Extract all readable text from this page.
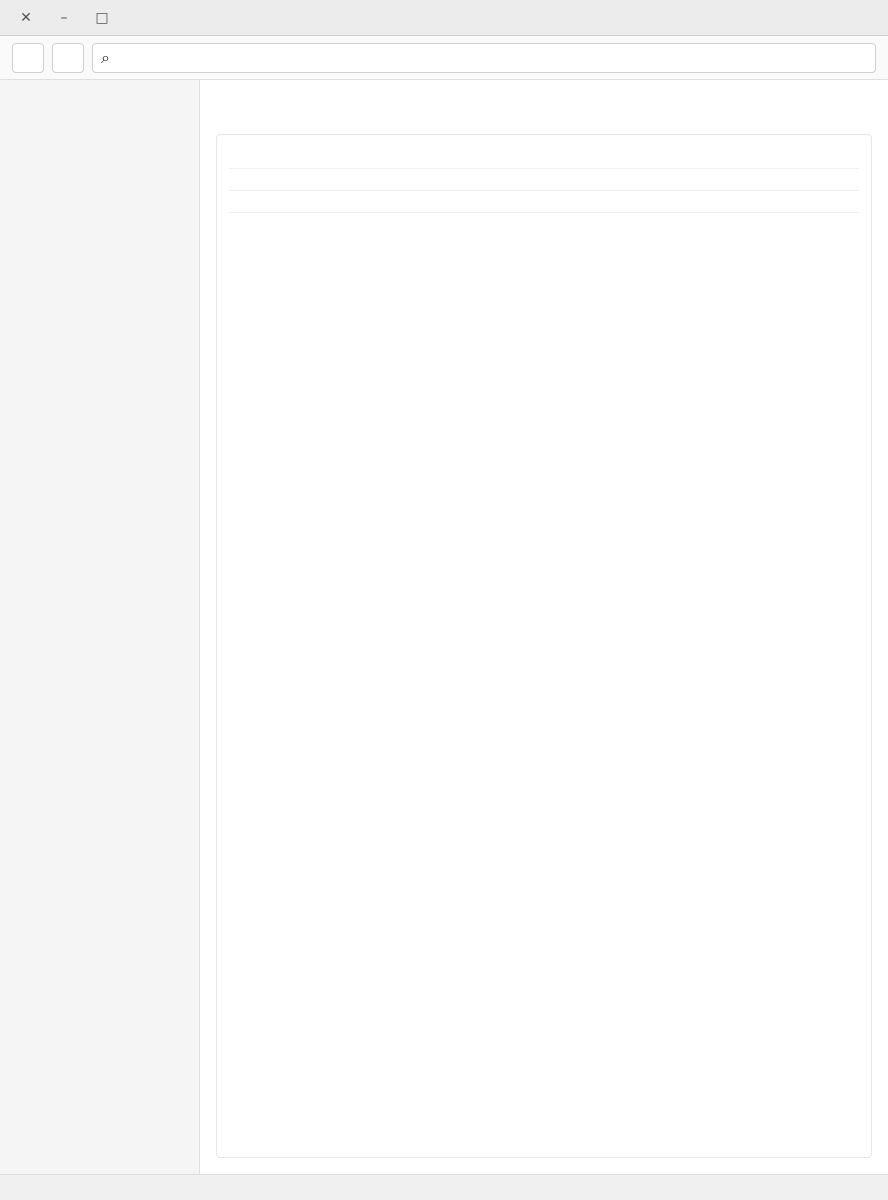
✕	–	□
⌕
